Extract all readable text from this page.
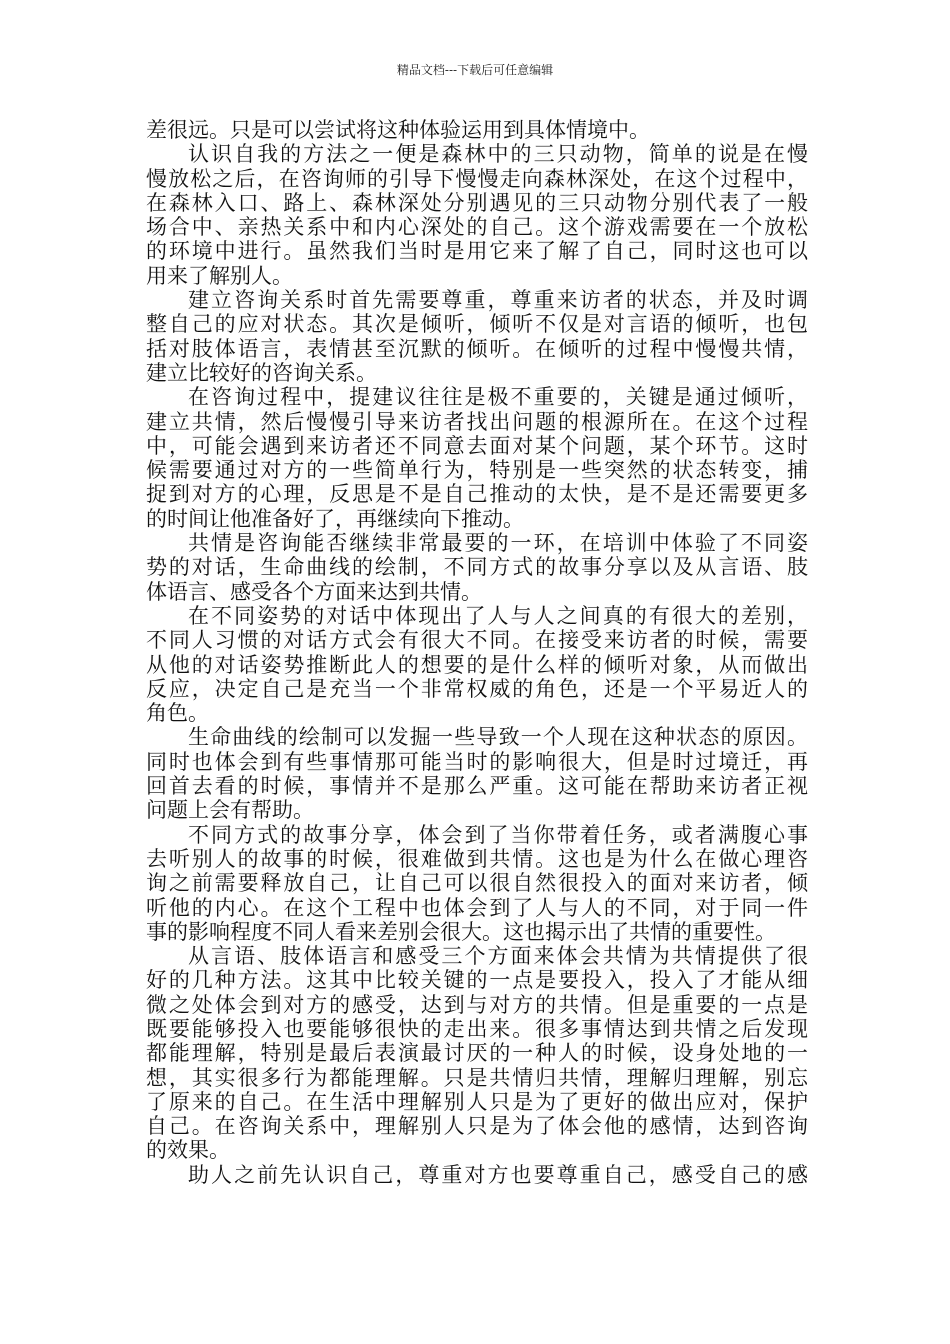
精品文档---下载后可任意编辑
差很远。只是可以尝试将这种体验运用到具体情境中。
认识自我的方法之一便是森林中的三只动物，简单的说是在慢
慢放松之后，在咨询师的引导下慢慢走向森林深处，在这个过程中，
在森林入口、路上、森林深处分别遇见的三只动物分别代表了一般
场合中、亲热关系中和内心深处的自己。这个游戏需要在一个放松
的环境中进行。虽然我们当时是用它来了解了自己，同时这也可以
用来了解别人。
建立咨询关系时首先需要尊重，尊重来访者的状态，并及时调
整自己的应对状态。其次是倾听，倾听不仅是对言语的倾听，也包
括对肢体语言，表情甚至沉默的倾听。在倾听的过程中慢慢共情，
建立比较好的咨询关系。
在咨询过程中，提建议往往是极不重要的，关键是通过倾听，
建立共情，然后慢慢引导来访者找出问题的根源所在。在这个过程
中，可能会遇到来访者还不同意去面对某个问题，某个环节。这时
候需要通过对方的一些简单行为，特别是一些突然的状态转变，捕
捉到对方的心理，反思是不是自己推动的太快，是不是还需要更多
的时间让他准备好了，再继续向下推动。
共情是咨询能否继续非常最要的一环，在培训中体验了不同姿
势的对话，生命曲线的绘制，不同方式的故事分享以及从言语、肢
体语言、感受各个方面来达到共情。
在不同姿势的对话中体现出了人与人之间真的有很大的差别，
不同人习惯的对话方式会有很大不同。在接受来访者的时候，需要
从他的对话姿势推断此人的想要的是什么样的倾听对象，从而做出
反应，决定自己是充当一个非常权威的角色，还是一个平易近人的
角色。
生命曲线的绘制可以发掘一些导致一个人现在这种状态的原因。
同时也体会到有些事情那可能当时的影响很大，但是时过境迁，再
回首去看的时候，事情并不是那么严重。这可能在帮助来访者正视
问题上会有帮助。
不同方式的故事分享，体会到了当你带着任务，或者满腹心事
去听别人的故事的时候，很难做到共情。这也是为什么在做心理咨
询之前需要释放自己，让自己可以很自然很投入的面对来访者，倾
听他的内心。在这个工程中也体会到了人与人的不同，对于同一件
事的影响程度不同人看来差别会很大。这也揭示出了共情的重要性。
从言语、肢体语言和感受三个方面来体会共情为共情提供了很
好的几种方法。这其中比较关键的一点是要投入，投入了才能从细
微之处体会到对方的感受，达到与对方的共情。但是重要的一点是
既要能够投入也要能够很快的走出来。很多事情达到共情之后发现
都能理解，特别是最后表演最讨厌的一种人的时候，设身处地的一
想，其实很多行为都能理解。只是共情归共情，理解归理解，别忘
了原来的自己。在生活中理解别人只是为了更好的做出应对，保护
自己。在咨询关系中，理解别人只是为了体会他的感情，达到咨询
的效果。
助人之前先认识自己，尊重对方也要尊重自己，感受自己的感
